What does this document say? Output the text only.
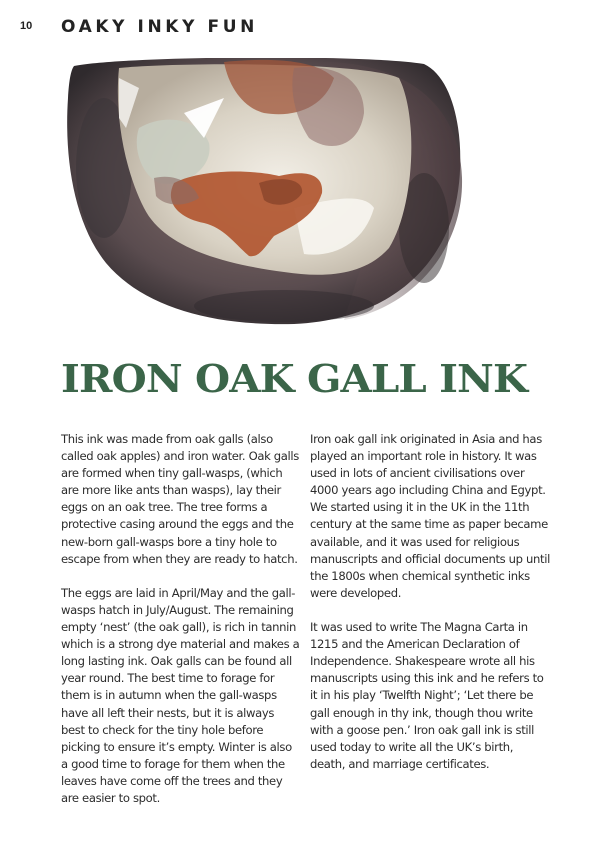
10 OAKY INKY FUN
IRON OAK GALL INK

This ink was made from oak galls (also called oak apples) and iron water. Oak galls are formed when tiny gall-wasps, (which are more like ants than wasps), lay their eggs on an oak tree. The tree forms a protective casing around the eggs and the new-born gall-wasps bore a tiny hole to escape from when they are ready to hatch.

The eggs are laid in April/May and the gall-wasps hatch in July/August. The remaining empty ‘nest’ (the oak gall), is rich in tannin which is a strong dye material and makes a long lasting ink. Oak galls can be found all year round. The best time to forage for them is in autumn when the gall-wasps have all left their nests, but it is always best to check for the tiny hole before picking to ensure it’s empty. Winter is also a good time to forage for them when the leaves have come off the trees and they are easier to spot.

Iron oak gall ink originated in Asia and has played an important role in history. It was used in lots of ancient civilisations over 4000 years ago including China and Egypt. We started using it in the UK in the 11th century at the same time as paper became available, and it was used for religious manuscripts and official documents up until the 1800s when chemical synthetic inks were developed.

It was used to write The Magna Carta in 1215 and the American Declaration of Independence. Shakespeare wrote all his manuscripts using this ink and he refers to it in his play ‘Twelfth Night’; ‘Let there be gall enough in thy ink, though thou write with a goose pen.’ Iron oak gall ink is still used today to write all the UK’s birth, death, and marriage certificates.
